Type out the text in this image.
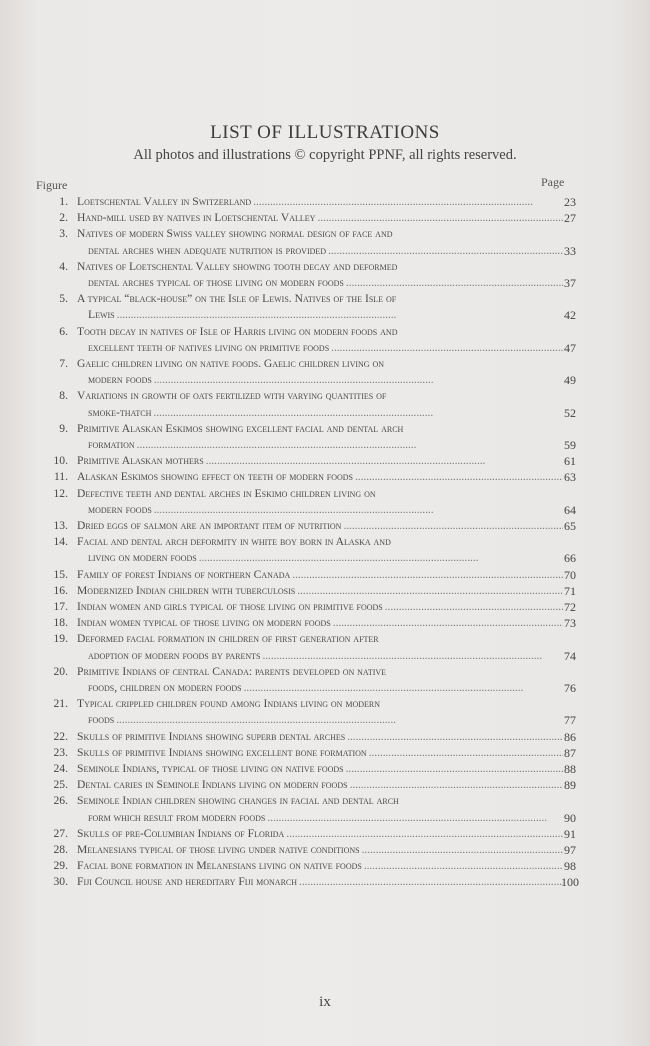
LIST OF ILLUSTRATIONS
All photos and illustrations © copyright PPNF, all rights reserved.
Figure	Page
1. Loetschental Valley in Switzerland . . .	23
2. Hand-mill used by natives in Loetschental Valley . . .	27
3. Natives of modern Swiss valley showing normal design of face and
dental arches when adequate nutrition is provided . . .	33
4. Natives of Loetschental Valley showing tooth decay and deformed
dental arches typical of those living on modern foods . . .	37
5. A typical “black-house” on the Isle of Lewis. Natives of the Isle of
Lewis . . .	42
6. Tooth decay in natives of Isle of Harris living on modern foods and
excellent teeth of natives living on primitive foods . . .	47
7. Gaelic children living on native foods. Gaelic children living on
modern foods . . .	49
8. Variations in growth of oats fertilized with varying quantities of
smoke-thatch . . .	52
9. Primitive Alaskan Eskimos showing excellent facial and dental arch
formation . . .	59
10. Primitive Alaskan mothers . . .	61
11. Alaskan Eskimos showing effect on teeth of modern foods . . .	63
12. Defective teeth and dental arches in Eskimo children living on
modern foods . . .	64
13. Dried eggs of salmon are an important item of nutrition . . .	65
14. Facial and dental arch deformity in white boy born in Alaska and
living on modern foods . . .	66
15. Family of forest Indians of northern Canada . . .	70
16. Modernized Indian children with tuberculosis . . .	71
17. Indian women and girls typical of those living on primitive foods . . .	72
18. Indian women typical of those living on modern foods . . .	73
19. Deformed facial formation in children of first generation after
adoption of modern foods by parents . . .	74
20. Primitive Indians of central Canada: parents developed on native
foods, children on modern foods . . .	76
21. Typical crippled children found among Indians living on modern
foods . . .	77
22. Skulls of primitive Indians showing superb dental arches . . .	86
23. Skulls of primitive Indians showing excellent bone formation . . .	87
24. Seminole Indians, typical of those living on native foods . . .	88
25. Dental caries in Seminole Indians living on modern foods . . .	89
26. Seminole Indian children showing changes in facial and dental arch
form which result from modern foods . . .	90
27. Skulls of pre-Columbian Indians of Florida . . .	91
28. Melanesians typical of those living under native conditions . . .	97
29. Facial bone formation in Melanesians living on native foods . . .	98
30. Fiji Council house and hereditary Fiji monarch . . .	100
ix
